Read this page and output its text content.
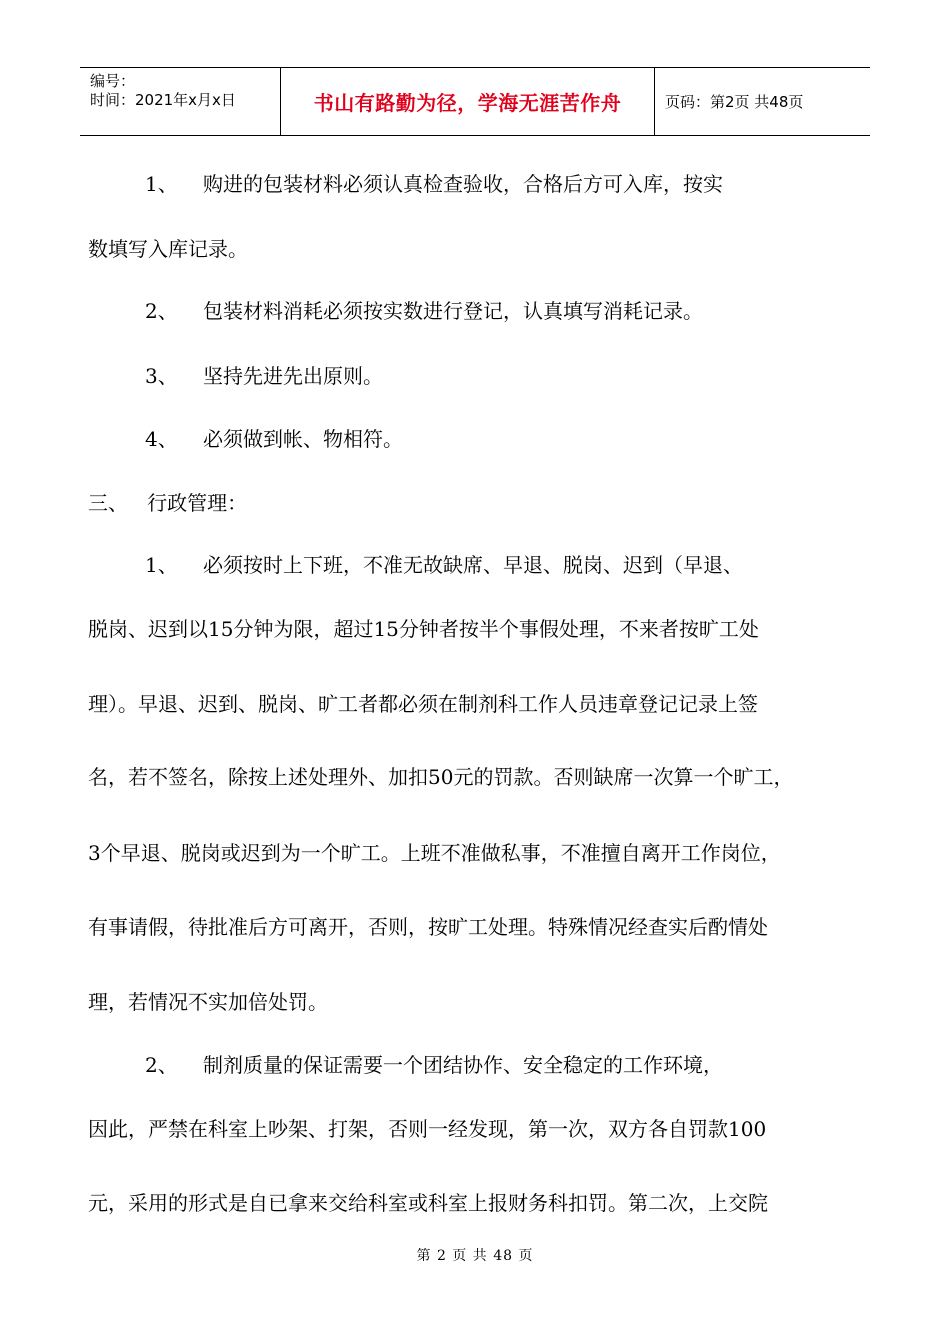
编号：
时间：2021年x月x日	书山有路勤为径，学海无涯苦作舟	页码：第2页 共48页
1、 购进的包装材料必须认真检查验收，合格后方可入库，按实
数填写入库记录。
2、 包装材料消耗必须按实数进行登记，认真填写消耗记录。
3、 坚持先进先出原则。
4、 必须做到帐、物相符。
三、   行政管理：
1、 必须按时上下班，不准无故缺席、早退、脱岗、迟到（早退、
脱岗、迟到以15分钟为限，超过15分钟者按半个事假处理，不来者按旷工处
理）。早退、迟到、脱岗、旷工者都必须在制剂科工作人员违章登记记录上签
名，若不签名，除按上述处理外、加扣50元的罚款。否则缺席一次算一个旷工，
3个早退、脱岗或迟到为一个旷工。上班不准做私事，不准擅自离开工作岗位，
有事请假，待批准后方可离开，否则，按旷工处理。特殊情况经查实后酌情处
理，若情况不实加倍处罚。
2、 制剂质量的保证需要一个团结协作、安全稳定的工作环境，
因此，严禁在科室上吵架、打架，否则一经发现，第一次，双方各自罚款100
元，采用的形式是自已拿来交给科室或科室上报财务科扣罚。第二次，上交院
第 2 页 共 48 页
